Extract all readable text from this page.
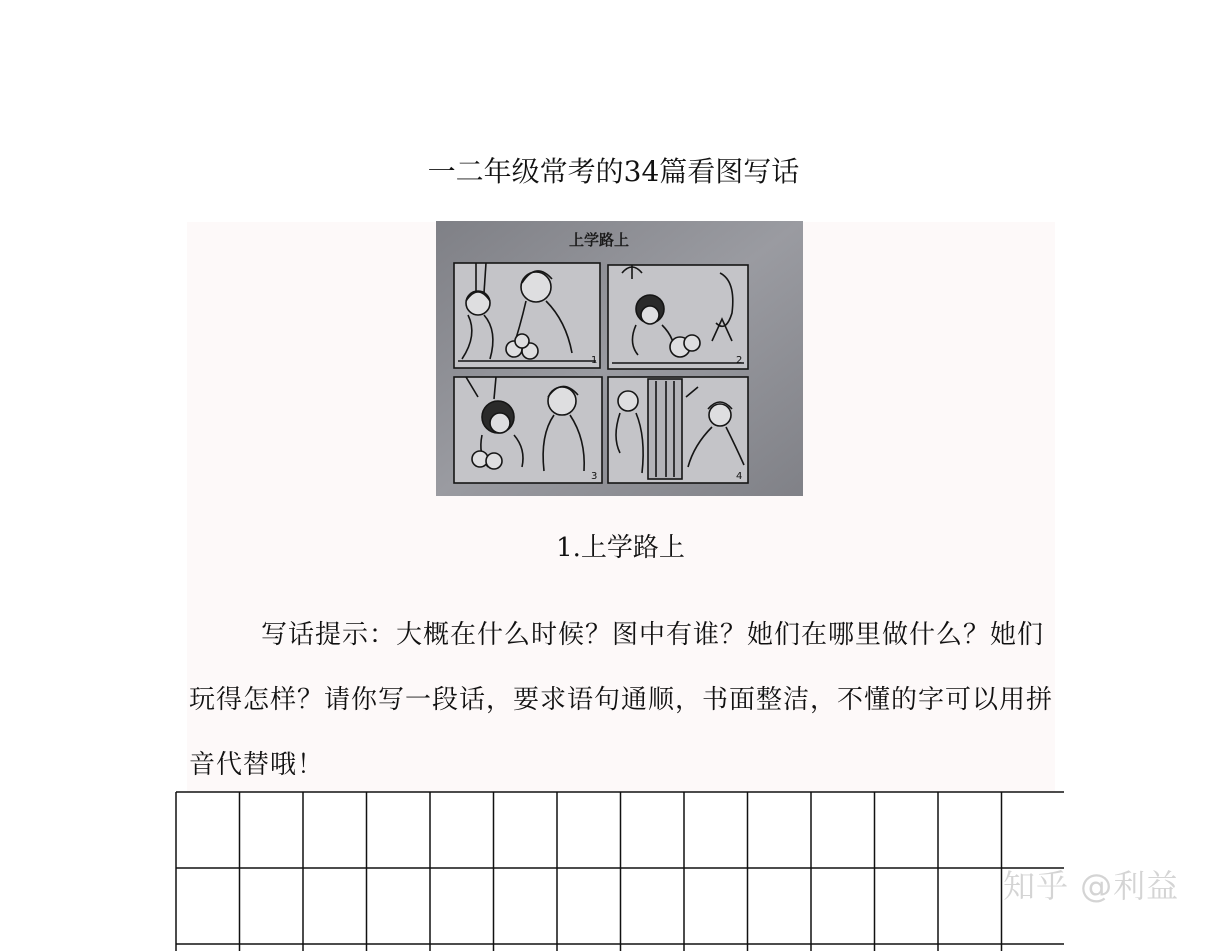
一二年级常考的34篇看图写话
上学路上
1	2
3	4
1.上学路上

写话提示：大概在什么时候？图中有谁？她们在哪里做什么？她们玩得怎样？请你写一段话，要求语句通顺，书面整洁，不懂的字可以用拼音代替哦！

知乎 @利益
